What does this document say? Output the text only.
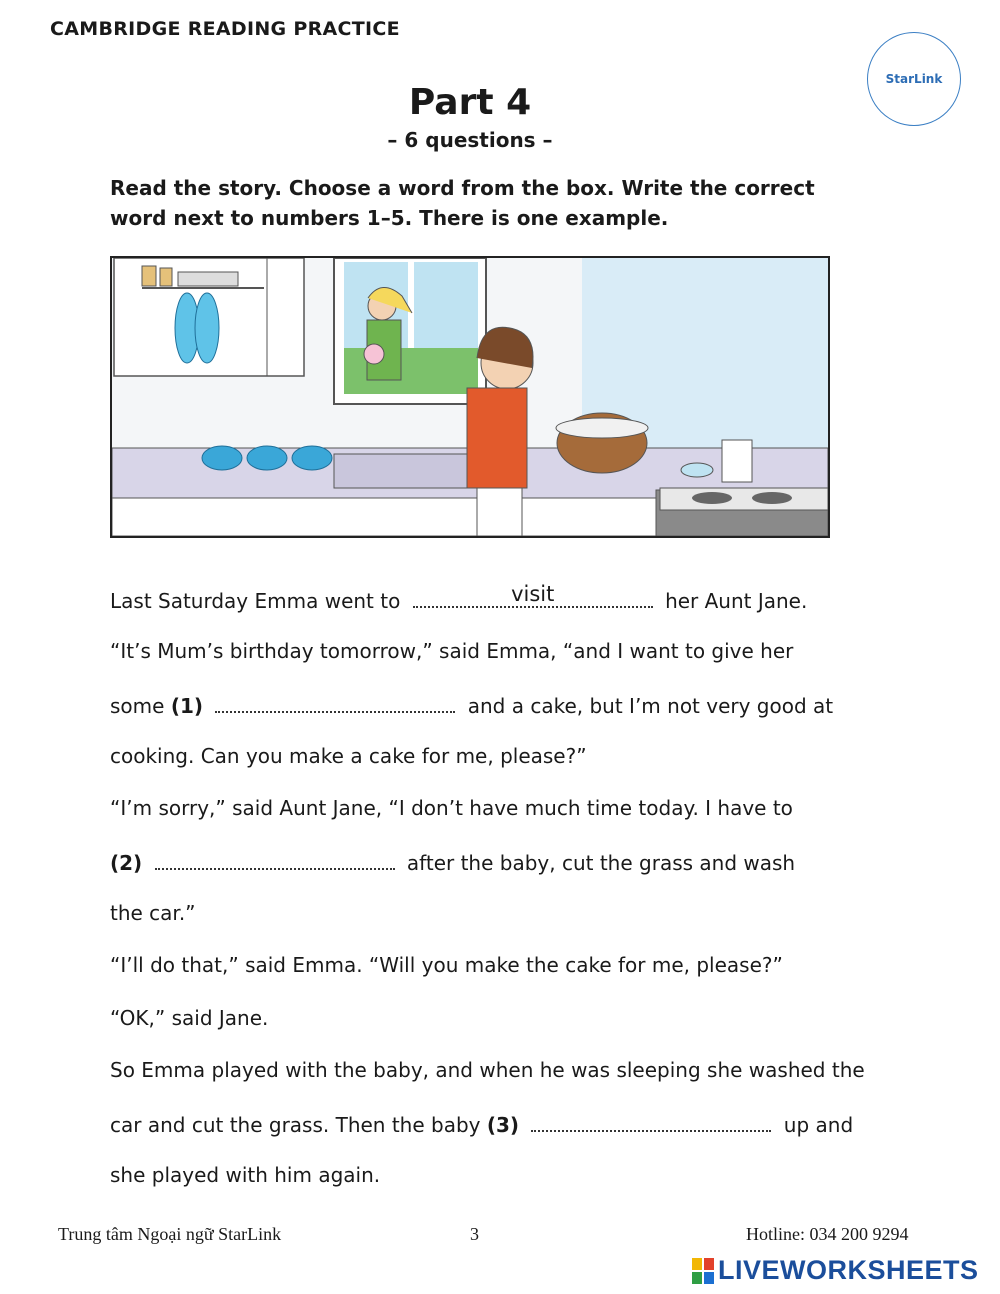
CAMBRIDGE READING PRACTICE
StarLink
Part 4
– 6 questions –
Read the story. Choose a word from the box. Write the correct word next to numbers 1–5. There is one example.
Last Saturday Emma went to	visit	her Aunt Jane.
“It’s Mum’s birthday tomorrow,” said Emma, “and I want to give her
some (1)	and a cake, but I’m not very good at
cooking. Can you make a cake for me, please?”
“I’m sorry,” said Aunt Jane, “I don’t have much time today. I have to
(2)	after the baby, cut the grass and wash
the car.”
“I’ll do that,” said Emma. “Will you make the cake for me, please?”
“OK,” said Jane.
So Emma played with the baby, and when he was sleeping she washed the
car and cut the grass. Then the baby (3)	up and
she played with him again.
Trung tâm Ngoại ngữ StarLink	3	Hotline: 034 200 9294
LIVEWORKSHEETS
